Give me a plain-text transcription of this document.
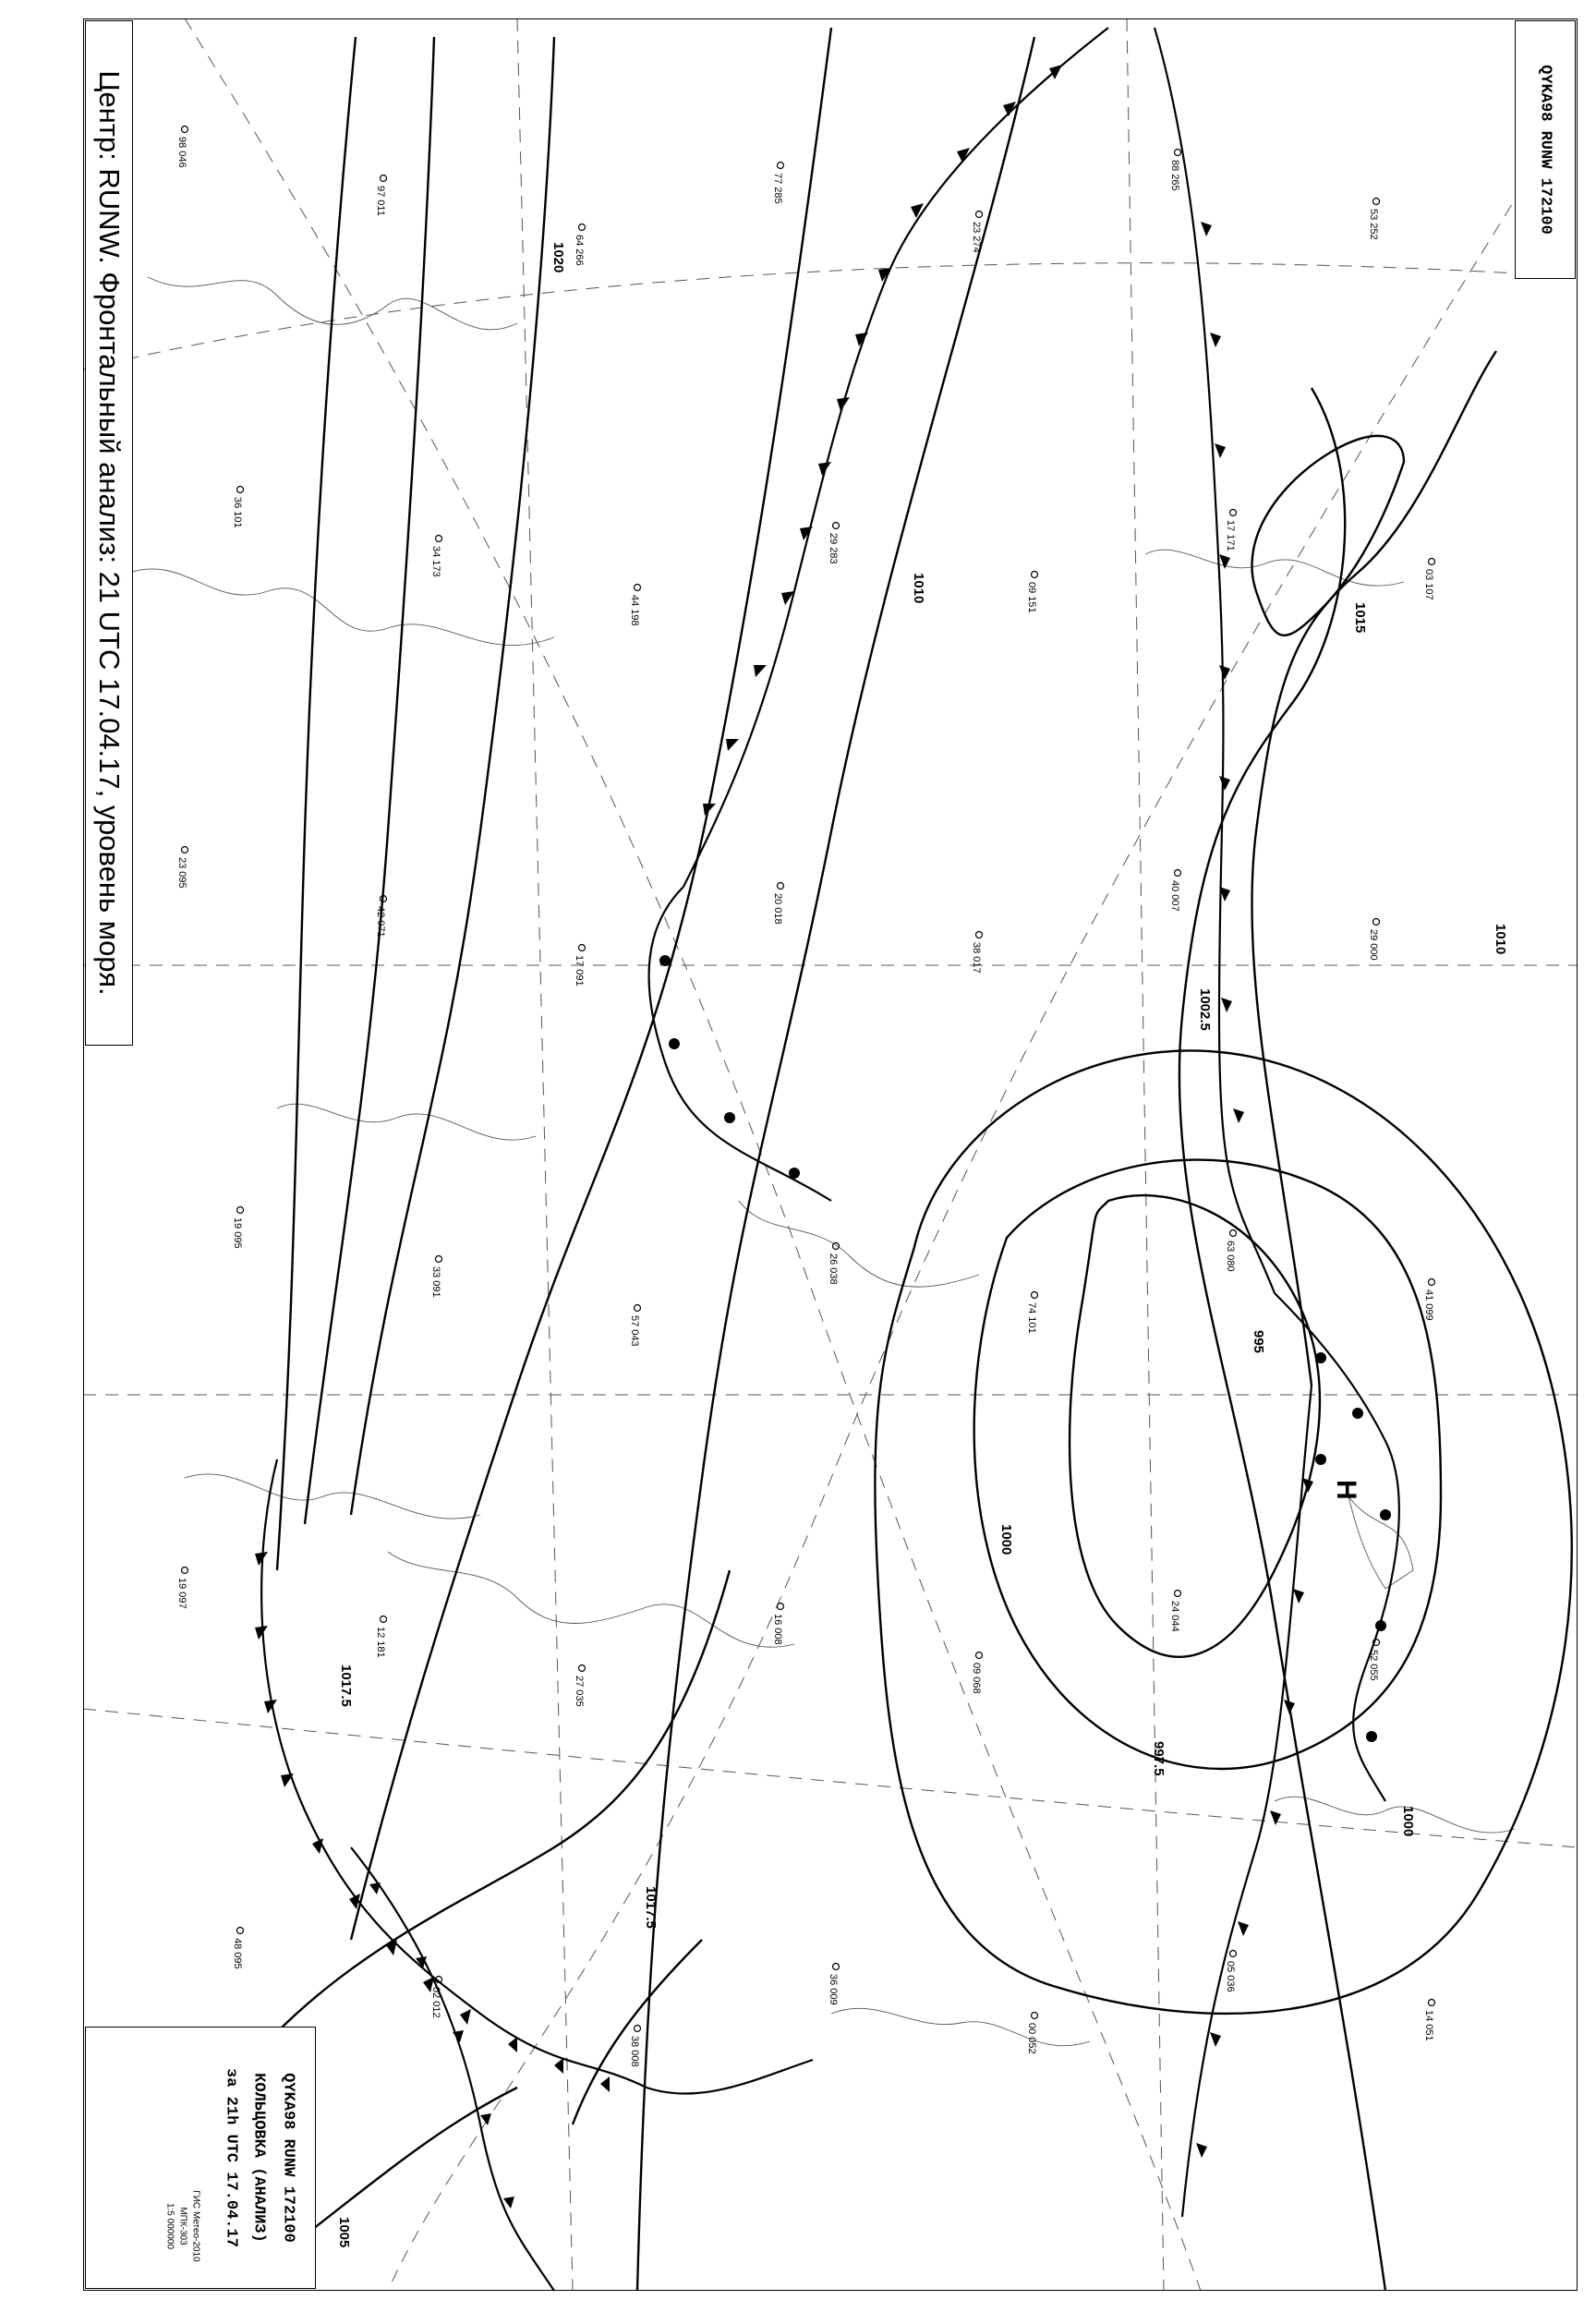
98 046
97 011
64 266
77 285
23 274
88 265
53 252
36 101
34 173
44 198
29 283
09 151
17 171
03 107
23 095
42 071
17 091
20 018
38 017
40 007
29 000
19 095
33 091
57 043
26 038
74 101
63 080
41 099
19 097
12 181
27 035
16 008
09 068
24 044
52 055
48 095
02 012
38 008
36 009
00 052
05 036
14 051
Н
1020
1017.5
1017.5
1015
1010
1010
1005
1002.5
1000
1000
997.5
995
Центр: RUNW. Фронтальный анализ: 21 UTC 17.04.17, уровень моря.	QYKA98 RUNW 172100
QYKA98 RUNW 172100
КОЛЬЦОВКА (АНАЛИЗ)
за 21h UTC 17.04.17
ГИС Метео-2010
МПК-303
1:5 000000
